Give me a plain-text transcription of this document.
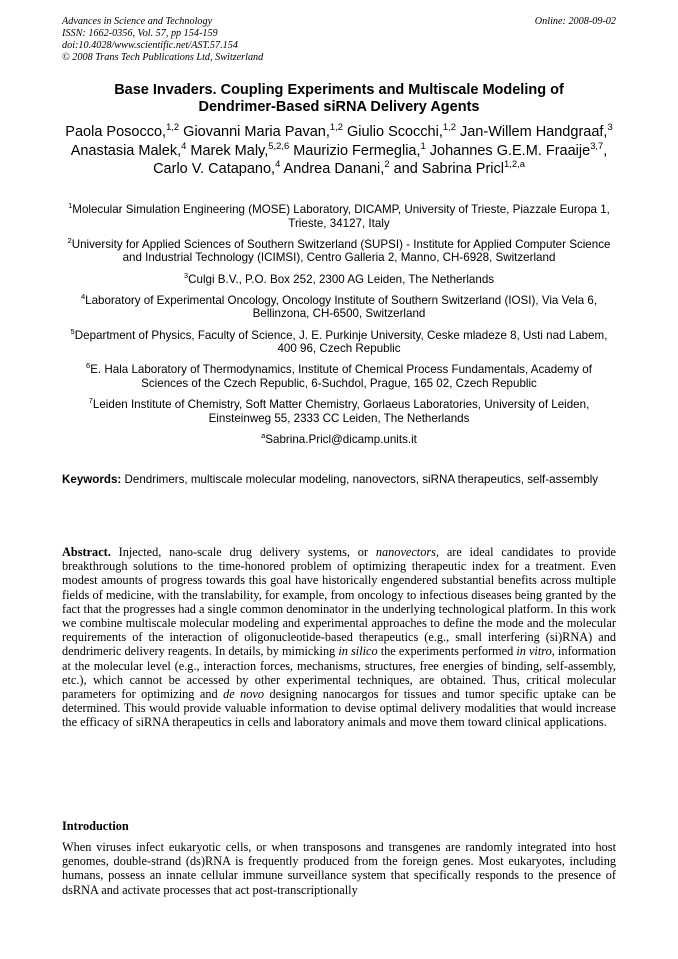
Advances in Science and Technology
ISSN: 1662-0356, Vol. 57, pp 154-159
doi:10.4028/www.scientific.net/AST.57.154
© 2008 Trans Tech Publications Ltd, Switzerland
Online: 2008-09-02
Base Invaders. Coupling Experiments and Multiscale Modeling of
Dendrimer-Based siRNA Delivery Agents
Paola Posocco,$^{1,2}$ Giovanni Maria Pavan,$^{1,2}$ Giulio Scocchi,$^{1,2}$ Jan-Willem Handgraaf,$^3$ Anastasia Malek,$^4$ Marek Maly,$^{5,2,6}$ Maurizio Fermeglia,$^1$ Johannes G.E.M. Fraaije$^{3,7}$, Carlo V. Catapano,$^4$ Andrea Danani,$^2$ and Sabrina Pricl$^{1,2,a}$
$^1$Molecular Simulation Engineering (MOSE) Laboratory, DICAMP, University of Trieste, Piazzale Europa 1, Trieste, 34127, Italy
$^2$University for Applied Sciences of Southern Switzerland (SUPSI) - Institute for Applied Computer Science and Industrial Technology (ICIMSI), Centro Galleria 2, Manno, CH-6928, Switzerland
$^3$Culgi B.V., P.O. Box 252, 2300 AG Leiden, The Netherlands
$^4$Laboratory of Experimental Oncology, Oncology Institute of Southern Switzerland (IOSI), Via Vela 6, Bellinzona, CH-6500, Switzerland
$^5$Department of Physics, Faculty of Science, J. E. Purkinje University, Ceske mladeze 8, Usti nad Labem, 400 96, Czech Republic
$^6$E. Hala Laboratory of Thermodynamics, Institute of Chemical Process Fundamentals, Academy of Sciences of the Czech Republic, 6-Suchdol, Prague, 165 02, Czech Republic
$^7$Leiden Institute of Chemistry, Soft Matter Chemistry, Gorlaeus Laboratories, University of Leiden, Einsteinweg 55, 2333 CC Leiden, The Netherlands
$^a$Sabrina.Pricl@dicamp.units.it
Keywords: Dendrimers, multiscale molecular modeling, nanovectors, siRNA therapeutics, self-assembly
Abstract. Injected, nano-scale drug delivery systems, or nanovectors, are ideal candidates to provide breakthrough solutions to the time-honored problem of optimizing therapeutic index for a treatment. Even modest amounts of progress towards this goal have historically engendered substantial benefits across multiple fields of medicine, with the translability, for example, from oncology to infectious diseases being granted by the fact that the progresses had a single common denominator in the underlying technological platform. In this work we combine multiscale molecular modeling and experimental approaches to define the mode and the molecular requirements of the interaction of oligonucleotide-based therapeutics (e.g., small interfering (si)RNA) and dendrimeric delivery reagents. In details, by mimicking in silico the experiments performed in vitro, information at the molecular level (e.g., interaction forces, mechanisms, structures, free energies of binding, self-assembly, etc.), which cannot be accessed by other experimental techniques, are obtained. Thus, critical molecular parameters for optimizing and de novo designing nanocargos for tissues and tumor specific uptake can be determined. This would provide valuable information to devise optimal delivery modalities that would increase the efficacy of siRNA therapeutics in cells and laboratory animals and move them toward clinical applications.
Introduction
When viruses infect eukaryotic cells, or when transposons and transgenes are randomly integrated into host genomes, double-strand (ds)RNA is frequently produced from the foreign genes. Most eukaryotes, including humans, possess an innate cellular immune surveillance system that specifically responds to the presence of dsRNA and activate processes that act post-transcriptionally
